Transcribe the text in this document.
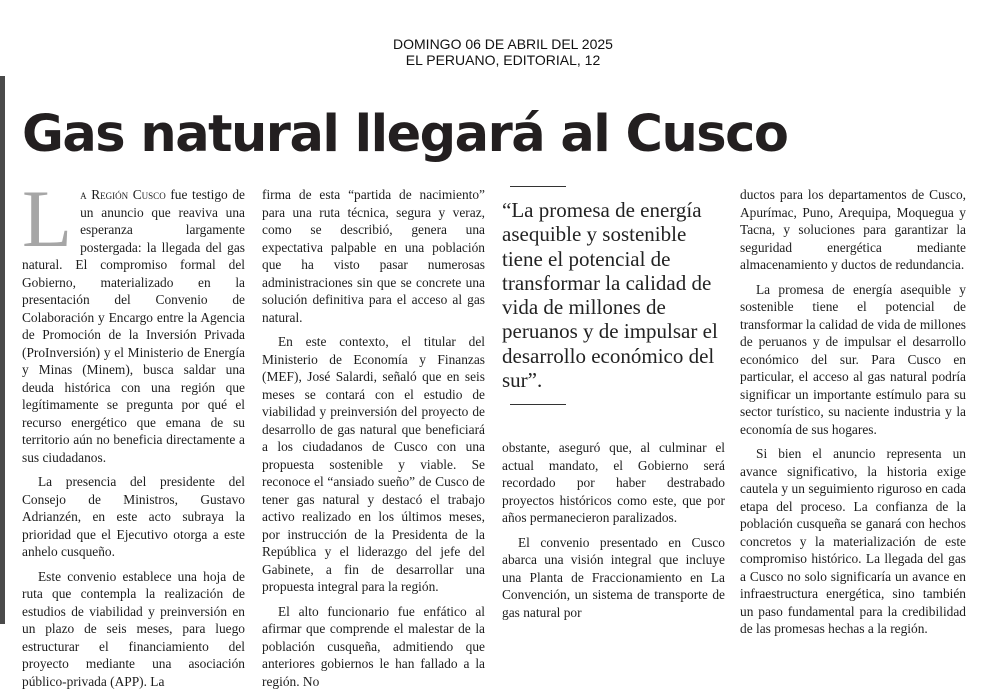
DOMINGO 06 DE ABRIL DEL 2025
EL PERUANO, EDITORIAL, 12
Gas natural llegará al Cusco

La Región Cusco fue testigo de un anuncio que reaviva una esperanza largamente postergada: la llegada del gas natural. El compromiso formal del Gobierno, materializado en la presentación del Convenio de Colaboración y Encargo entre la Agencia de Promoción de la Inversión Privada (ProInversión) y el Ministerio de Energía y Minas (Minem), busca saldar una deuda histórica con una región que legítimamente se pregunta por qué el recurso energético que emana de su territorio aún no beneficia directamente a sus ciudadanos.

La presencia del presidente del Consejo de Ministros, Gustavo Adrianzén, en este acto subraya la prioridad que el Ejecutivo otorga a este anhelo cusqueño.

Este convenio establece una hoja de ruta que contempla la realización de estudios de viabilidad y preinversión en un plazo de seis meses, para luego estructurar el financiamiento del proyecto mediante una asociación público-privada (APP). La

firma de esta “partida de nacimiento” para una ruta técnica, segura y veraz, como se describió, genera una expectativa palpable en una población que ha visto pasar numerosas administraciones sin que se concrete una solución definitiva para el acceso al gas natural.

En este contexto, el titular del Ministerio de Economía y Finanzas (MEF), José Salardi, señaló que en seis meses se contará con el estudio de viabilidad y preinversión del proyecto de desarrollo de gas natural que beneficiará a los ciudadanos de Cusco con una propuesta sostenible y viable. Se reconoce el “ansiado sueño” de Cusco de tener gas natural y destacó el trabajo activo realizado en los últimos meses, por instrucción de la Presidenta de la República y el liderazgo del jefe del Gabinete, a fin de desarrollar una propuesta integral para la región.

El alto funcionario fue enfático al afirmar que comprende el malestar de la población cusqueña, admitiendo que anteriores gobiernos le han fallado a la región. No

“La promesa de energía asequible y sostenible tiene el potencial de transformar la calidad de vida de millones de peruanos y de impulsar el desarrollo económico del sur”.

obstante, aseguró que, al culminar el actual mandato, el Gobierno será recordado por haber destrabado proyectos históricos como este, que por años permanecieron paralizados.

El convenio presentado en Cusco abarca una visión integral que incluye una Planta de Fraccionamiento en La Convención, un sistema de transporte de gas natural por

ductos para los departamentos de Cusco, Apurímac, Puno, Arequipa, Moquegua y Tacna, y soluciones para garantizar la seguridad energética mediante almacenamiento y ductos de redundancia.

La promesa de energía asequible y sostenible tiene el potencial de transformar la calidad de vida de millones de peruanos y de impulsar el desarrollo económico del sur. Para Cusco en particular, el acceso al gas natural podría significar un importante estímulo para su sector turístico, su naciente industria y la economía de sus hogares.

Si bien el anuncio representa un avance significativo, la historia exige cautela y un seguimiento riguroso en cada etapa del proceso. La confianza de la población cusqueña se ganará con hechos concretos y la materialización de este compromiso histórico. La llegada del gas a Cusco no solo significaría un avance en infraestructura energética, sino también un paso fundamental para la credibilidad de las promesas hechas a la región.
